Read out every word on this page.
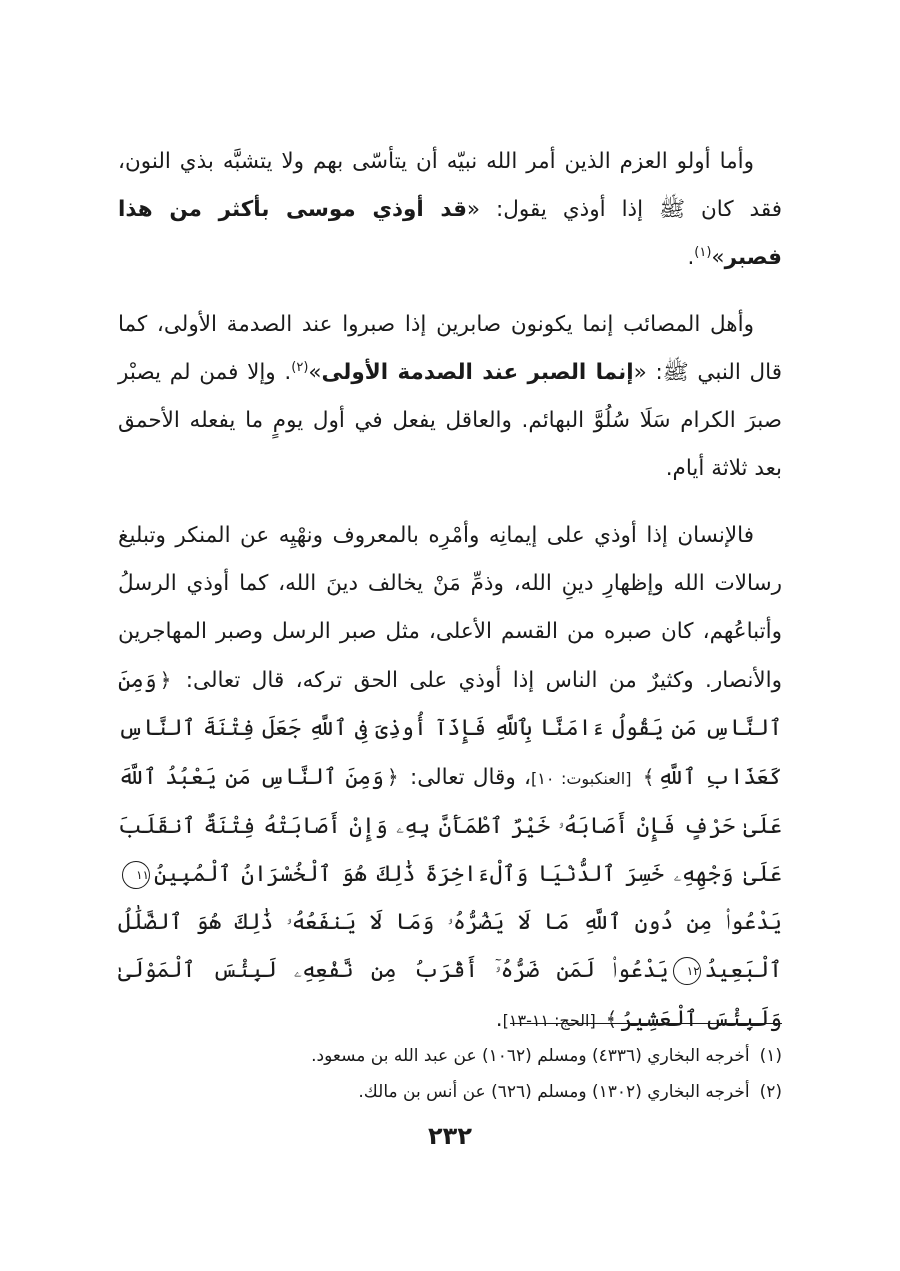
وأما أولو العزم الذين أمر الله نبيّه أن يتأسّى بهم ولا يتشبَّه بذي النون، فقد كان ﷺ إذا أوذي يقول: «قد أوذي موسى بأكثر من هذا فصبر»$^{(١)}$.

وأهل المصائب إنما يكونون صابرين إذا صبروا عند الصدمة الأولى، كما قال النبي ﷺ: «إنما الصبر عند الصدمة الأولى»$^{(٢)}$. وإلا فمن لم يصبْر صبرَ الكرام سَلَا سُلُوَّ البهائم. والعاقل يفعل في أول يومٍ ما يفعله الأحمق بعد ثلاثة أيام.

فالإنسان إذا أوذي على إيمانِه وأمْرِه بالمعروف ونهْيِه عن المنكر وتبليغ رسالات الله وإظهارِ دينِ الله، وذمِّ مَنْ يخالف دينَ الله، كما أوذي الرسلُ وأتباعُهم، كان صبره من القسم الأعلى، مثل صبر الرسل وصبر المهاجرين والأنصار. وكثيرٌ من الناس إذا أوذي على الحق تركه، قال تعالى: ﴿وَمِنَ ٱلنَّاسِ مَن يَقُولُ ءَامَنَّا بِٱللَّهِ فَإِذَآ أُوذِىَ فِى ٱللَّهِ جَعَلَ فِتْنَةَ ٱلنَّاسِ كَعَذَابِ ٱللَّهِ﴾ [العنكبوت: ١٠]، وقال تعالى: ﴿وَمِنَ ٱلنَّاسِ مَن يَعْبُدُ ٱللَّهَ عَلَىٰ حَرْفٍ فَإِنْ أَصَابَهُۥ خَيْرٌ ٱطْمَأَنَّ بِهِۦ وَإِنْ أَصَابَتْهُ فِتْنَةٌ ٱنقَلَبَ عَلَىٰ وَجْهِهِۦ خَسِرَ ٱلدُّنْيَا وَٱلْءَاخِرَةَ ذَٰلِكَ هُوَ ٱلْخُسْرَانُ ٱلْمُبِينُ١١يَدْعُوا۟ مِن دُونِ ٱللَّهِ مَا لَا يَضُرُّهُۥ وَمَا لَا يَنفَعُهُۥ ذَٰلِكَ هُوَ ٱلضَّلَٰلُ ٱلْبَعِيدُ١٢يَدْعُوا۟ لَمَن ضَرُّهُۥٓ أَقْرَبُ مِن نَّفْعِهِۦ لَبِئْسَ ٱلْمَوْلَىٰ وَلَبِئْسَ ٱلْعَشِيرُ﴾ [الحج: ١١-١٣].

(١)أخرجه البخاري (٤٣٣٦) ومسلم (١٠٦٢) عن عبد الله بن مسعود.

(٢)أخرجه البخاري (١٣٠٢) ومسلم (٦٢٦) عن أنس بن مالك.

٢٣٢
